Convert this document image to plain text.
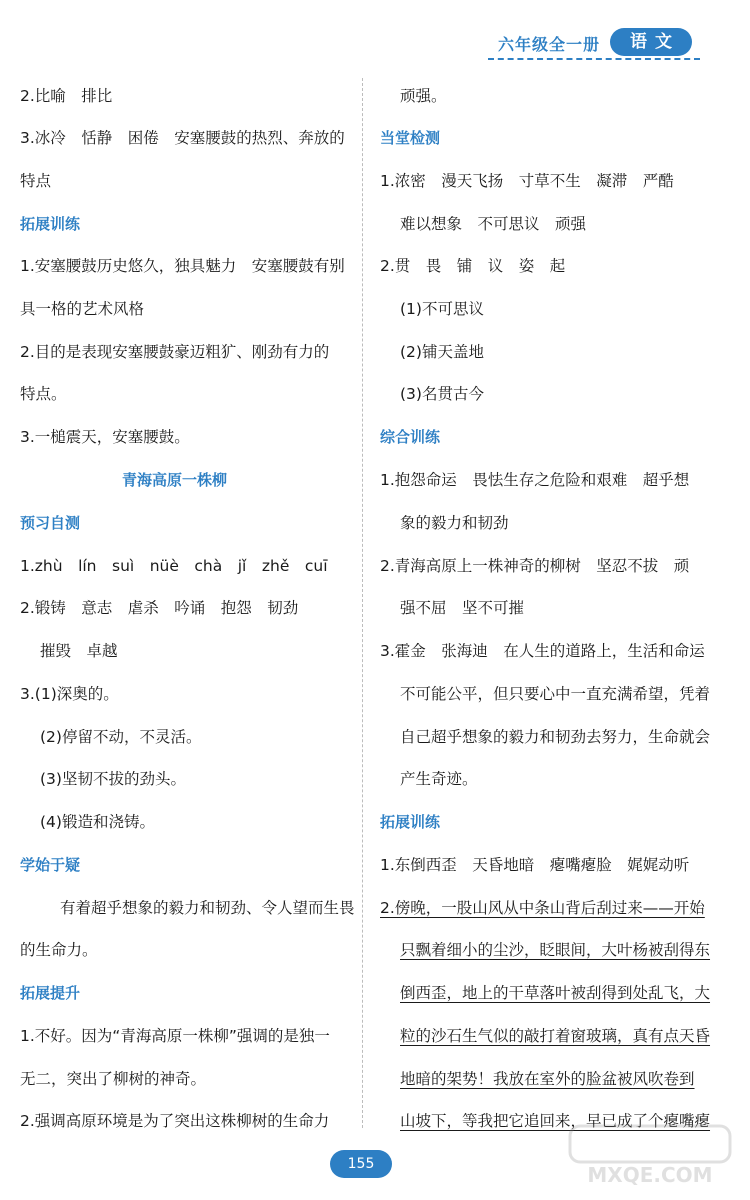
六年级全一册	语文
2.比喻　排比
3.冰冷　恬静　困倦　安塞腰鼓的热烈、奔放的
特点
拓展训练
1.安塞腰鼓历史悠久，独具魅力　安塞腰鼓有别
具一格的艺术风格
2.目的是表现安塞腰鼓豪迈粗犷、刚劲有力的
特点。
3.一槌震天，安塞腰鼓。
青海高原一株柳
预习自测
1.zhù　lín　suì　nüè　chà　jǐ　zhě　cuī
2.锻铸　意志　虐杀　吟诵　抱怨　韧劲
摧毁　卓越
3.(1)深奥的。
(2)停留不动，不灵活。
(3)坚韧不拔的劲头。
(4)锻造和浇铸。
学始于疑
有着超乎想象的毅力和韧劲、令人望而生畏
的生命力。
拓展提升
1.不好。因为“青海高原一株柳”强调的是独一
无二，突出了柳树的神奇。
2.强调高原环境是为了突出这株柳树的生命力
顽强。
当堂检测
1.浓密　漫天飞扬　寸草不生　凝滞　严酷
难以想象　不可思议　顽强
2.贯　畏　铺　议　姿　起
(1)不可思议
(2)铺天盖地
(3)名贯古今
综合训练
1.抱怨命运　畏怯生存之危险和艰难　超乎想
象的毅力和韧劲
2.青海高原上一株神奇的柳树　坚忍不拔　顽
强不屈　坚不可摧
3.霍金　张海迪　在人生的道路上，生活和命运
不可能公平，但只要心中一直充满希望，凭着
自己超乎想象的毅力和韧劲去努力，生命就会
产生奇迹。
拓展训练
1.东倒西歪　天昏地暗　瘪嘴瘪脸　娓娓动听
2.傍晚，一股山风从中条山背后刮过来——开始
只飘着细小的尘沙，眨眼间，大叶杨被刮得东
倒西歪，地上的干草落叶被刮得到处乱飞，大
粒的沙石生气似的敲打着窗玻璃，真有点天昏
地暗的架势！我放在室外的脸盆被风吹卷到
山坡下，等我把它追回来，早已成了个瘪嘴瘪
155	MXQE.COM
